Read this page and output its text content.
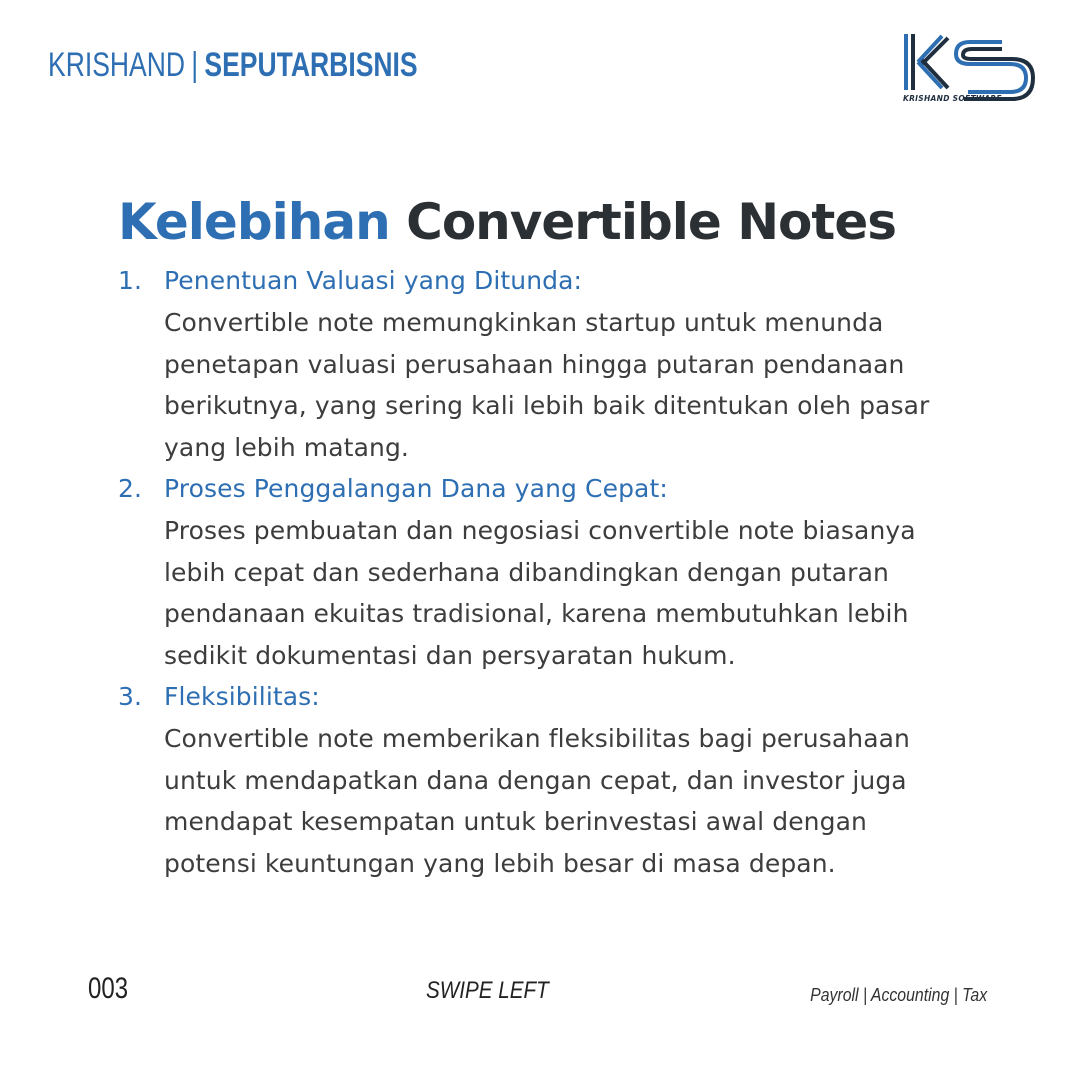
KRISHAND | SEPUTARBISNIS
KRISHAND SOFTWARE
Kelebihan Convertible Notes
1. Penentuan Valuasi yang Ditunda:
Convertible note memungkinkan startup untuk menunda
penetapan valuasi perusahaan hingga putaran pendanaan
berikutnya, yang sering kali lebih baik ditentukan oleh pasar
yang lebih matang.
2. Proses Penggalangan Dana yang Cepat:
Proses pembuatan dan negosiasi convertible note biasanya
lebih cepat dan sederhana dibandingkan dengan putaran
pendanaan ekuitas tradisional, karena membutuhkan lebih
sedikit dokumentasi dan persyaratan hukum.
3. Fleksibilitas:
Convertible note memberikan fleksibilitas bagi perusahaan
untuk mendapatkan dana dengan cepat, dan investor juga
mendapat kesempatan untuk berinvestasi awal dengan
potensi keuntungan yang lebih besar di masa depan.
003	SWIPE LEFT	Payroll | Accounting | Tax
